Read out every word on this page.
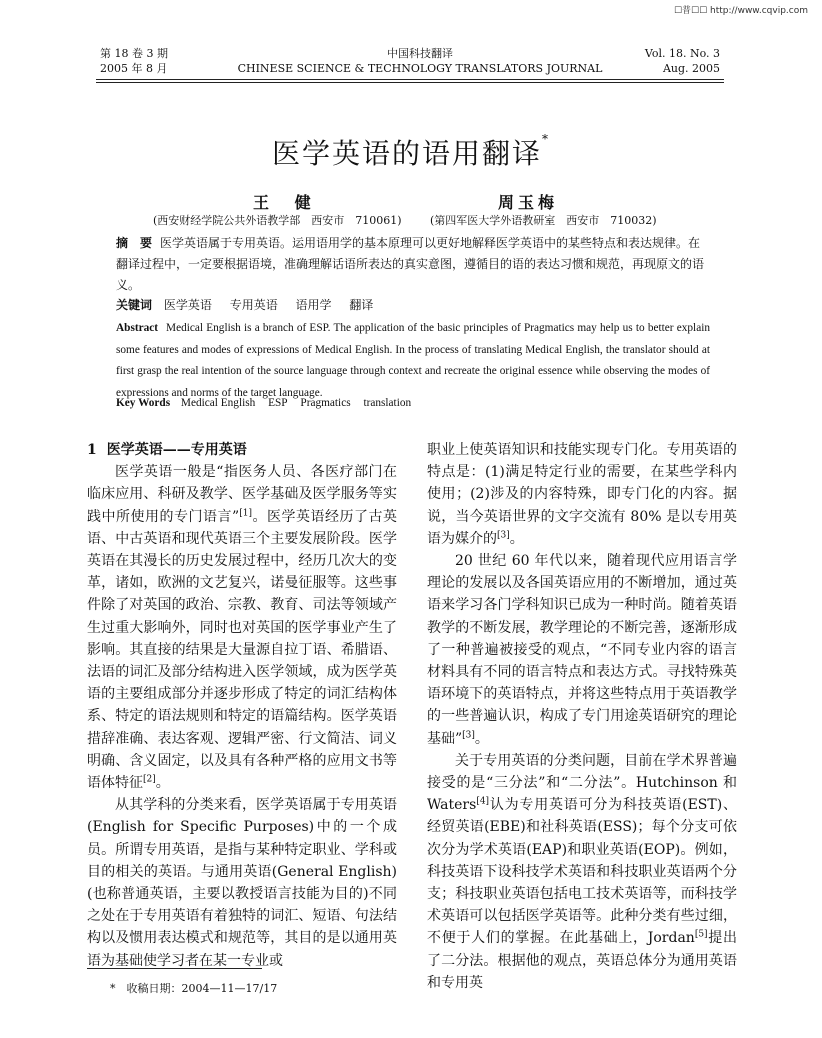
☐普☐☐ http://www.cqvip.com
第 18 卷 3 期
2005 年 8 月
中国科技翻译
CHINESE SCIENCE & TECHNOLOGY TRANSLATORS JOURNAL
Vol. 18. No. 3
Aug. 2005
医学英语的语用翻译*
王 健	周玉梅
(西安财经学院公共外语教学部　西安市　710061)	(第四军医大学外语教研室　西安市　710032)
摘　要 医学英语属于专用英语。运用语用学的基本原理可以更好地解释医学英语中的某些特点和表达规律。在翻译过程中，一定要根据语境，准确理解话语所表达的真实意图，遵循目的语的表达习惯和规范，再现原文的语义。
关键词 医学英语 专用英语 语用学 翻译
Abstract Medical English is a branch of ESP. The application of the basic principles of Pragmatics may help us to better explain some features and modes of expressions of Medical English. In the process of translating Medical English, the translator should at first grasp the real intention of the source language through context and recreate the original essence while observing the modes of expressions and norms of the target language.
Key Words Medical English ESP Pragmatics translation

1 医学英语——专用英语

医学英语一般是“指医务人员、各医疗部门在临床应用、科研及教学、医学基础及医学服务等实践中所使用的专门语言”[1]。医学英语经历了古英语、中古英语和现代英语三个主要发展阶段。医学英语在其漫长的历史发展过程中，经历几次大的变革，诸如，欧洲的文艺复兴，诺曼征服等。这些事件除了对英国的政治、宗教、教育、司法等领域产生过重大影响外，同时也对英国的医学事业产生了影响。其直接的结果是大量源自拉丁语、希腊语、法语的词汇及部分结构进入医学领域，成为医学英语的主要组成部分并逐步形成了特定的词汇结构体系、特定的语法规则和特定的语篇结构。医学英语措辞准确、表达客观、逻辑严密、行文简洁、词义明确、含义固定，以及具有各种严格的应用文书等语体特征[2]。

从其学科的分类来看，医学英语属于专用英语(English for Specific Purposes)中的一个成员。所谓专用英语，是指与某种特定职业、学科或目的相关的英语。与通用英语(General English)(也称普通英语，主要以教授语言技能为目的)不同之处在于专用英语有着独特的词汇、短语、句法结构以及惯用表达模式和规范等，其目的是以通用英语为基础使学习者在某一专业或

职业上使英语知识和技能实现专门化。专用英语的特点是：(1)满足特定行业的需要，在某些学科内使用；(2)涉及的内容特殊，即专门化的内容。据说，当今英语世界的文字交流有 80% 是以专用英语为媒介的[3]。

20 世纪 60 年代以来，随着现代应用语言学理论的发展以及各国英语应用的不断增加，通过英语来学习各门学科知识已成为一种时尚。随着英语教学的不断发展，教学理论的不断完善，逐渐形成了一种普遍被接受的观点，“不同专业内容的语言材料具有不同的语言特点和表达方式。寻找特殊英语环境下的英语特点，并将这些特点用于英语教学的一些普遍认识，构成了专门用途英语研究的理论基础”[3]。

关于专用英语的分类问题，目前在学术界普遍接受的是“三分法”和“二分法”。Hutchinson 和 Waters[4]认为专用英语可分为科技英语(EST)、经贸英语(EBE)和社科英语(ESS)；每个分支可依次分为学术英语(EAP)和职业英语(EOP)。例如，科技英语下设科技学术英语和科技职业英语两个分支；科技职业英语包括电工技术英语等，而科技学术英语可以包括医学英语等。此种分类有些过细，不便于人们的掌握。在此基础上，Jordan[5]提出了二分法。根据他的观点，英语总体分为通用英语和专用英

*　收稿日期：2004—11—17/17
